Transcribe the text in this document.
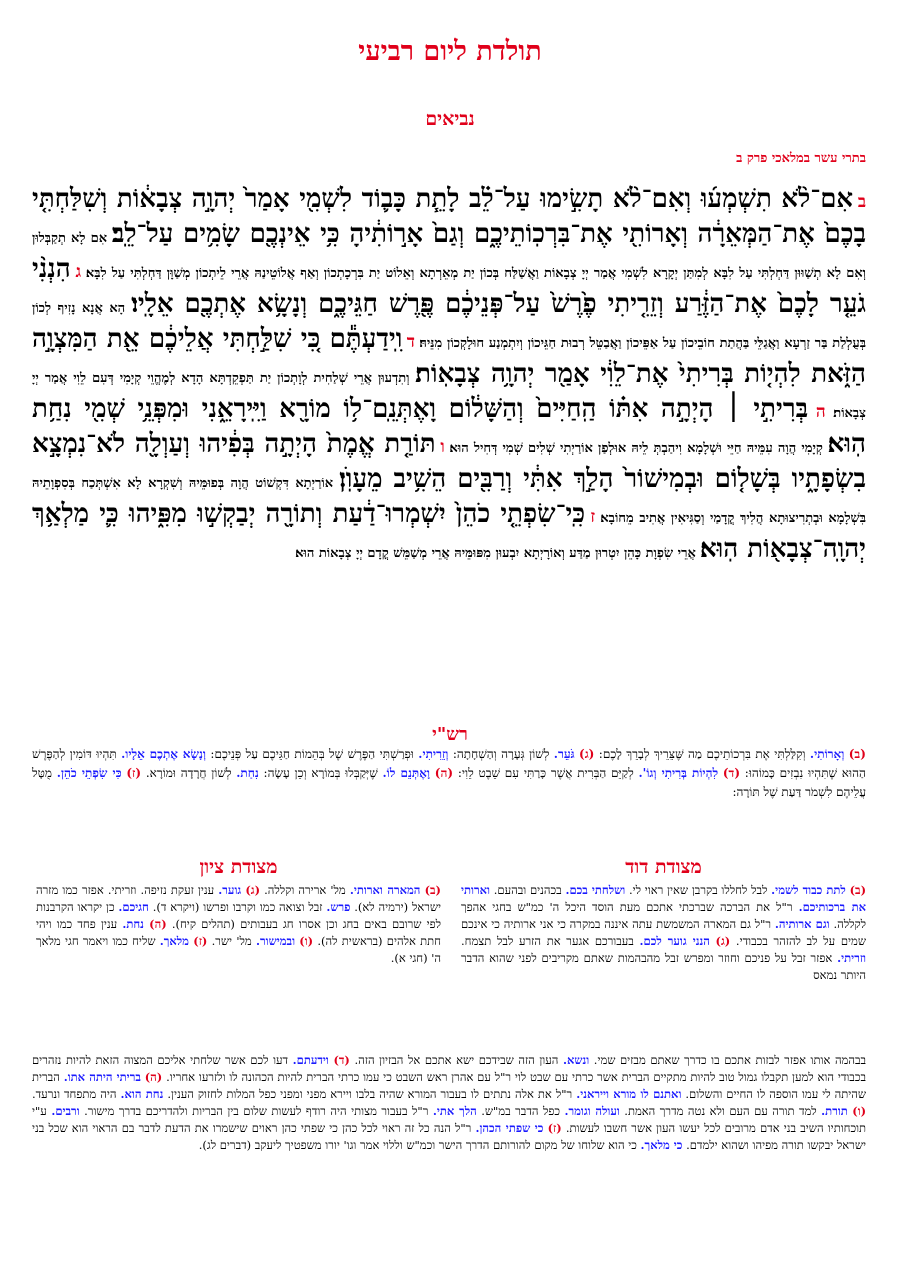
תולדת ליום רביעי
נביאים
בתרי עשר במלאכי פרק ב
ב אִם־לֹ֨א תִשְׁמְע֜וּ וְאִם־לֹ֨א תָשִׂ֣ימוּ עַל־לֵ֗ב לָתֵ֧ת כָּב֛וֹד לִשְׁמִ֖י אָמַר֙ יְהוָ֣ה צְבָא֔וֹת וְשִׁלַּחְתִּ֤י בָכֶם֙ אֶת־הַמְּאֵרָ֔ה וְאָרוֹתִ֖י אֶת־בִּרְכֽוֹתֵיכֶ֑ם וְגַם֙ אָר֣וֹתִ֔יהָ כִּ֥י אֵינְכֶ֖ם שָׂמִ֥ים עַל־לֵֽב׃ אִם לָא תְקַבְּלוּן וְאִם לָא תְשַׁוּוּן דַּחְלְתִּי עַל לִבָּא לְמִתַּן יְקָרָא לִשְׁמִי אֲמַר יְיָ צְבָאוֹת וַאֲשַׁלַּח בְּכוֹן יַת מְאֵרְתָא וְאֵלוֹט יַת בִּרְכָתְכוֹן וְאַף אֲלוֹטֵינַהּ אֲרֵי לֵיתְכוֹן מְשַׁוָּן דַּחְלְתִּי עַל לִבָּא׃ ג הִנְנִ֨י גֹעֵ֤ר לָכֶם֙ אֶת־הַזֶּ֔רַע וְזֵרִ֤יתִי פֶ֙רֶשׁ֙ עַל־פְּנֵיכֶ֔ם פֶּ֖רֶשׁ חַגֵּיכֶ֑ם וְנָשָׂ֥א אֶתְכֶ֖ם אֵלָֽיו׃ הָא אֲנָא נָזִיף לְכוֹן בְּעֻלְלַת בַּר זַרְעָא וַאֲגַלֵּי בַּהֲתַת חוֹבֵיכוֹן עַל אַפֵּיכוֹן וַאֲבַטֵּל רְבוּת חַגֵּיכוֹן וְיִתְמְנַע חוּלָקְכוֹן מִנֵּיהּ׃ ד וִֽידַעְתֶּ֕ם כִּ֚י שִׁלַּ֣חְתִּי אֲלֵיכֶ֔ם אֵ֖ת הַמִּצְוָ֣ה הַזֹּ֑את לִהְי֤וֹת בְּרִיתִי֙ אֶת־לֵוִ֔י אָמַ֖ר יְהוָ֥ה צְבָאֽוֹת׃ וְתִדְעוּן אֲרֵי שְׁלַחִית לְוָתְכוֹן יַת תַּפְקֵדְתָּא הָדָא לְמֶהֱוֵי קְיָמִי דְּעִם לֵוִי אֲמַר יְיָ צְבָאוֹת׃ ה בְּרִיתִ֣י ׀ הָיְתָ֣ה אִתּ֗וֹ הַֽחַיִּים֙ וְהַשָּׁל֔וֹם וָאֶתְּנֵֽם־ל֥וֹ מוֹרָ֖א וַיִּֽירָאֵ֑נִי וּמִפְּנֵ֥י שְׁמִ֖י נִחַ֥ת הֽוּא׃ קְיָמִי הֲוָה עִמֵּיהּ חַיֵּי וּשְׁלָמָא וִיהַבְתְּ לֵיהּ אוּלְפַן אוֹרַיְתִי שְׁלִים שְׁמִי דְּחִיל הוּא׃ ו תּוֹרַ֤ת אֱמֶת֙ הָיְתָ֣ה בְּפִ֔יהוּ וְעַוְלָ֖ה לֹא־נִמְצָ֣א בִשְׂפָתָ֑יו בְּשָׁל֤וֹם וּבְמִישׁוֹר֙ הָלַ֣ךְ אִתִּ֔י וְרַבִּ֖ים הֵשִׁ֥יב מֵעָוֺֽן׃ אוֹרַיְתָא דִּקְשׁוֹט הֲוָה בְּפוּמֵּיהּ וְשִׁקְרָא לָא אִשְׁתְּכַח בְּסִפְוָתֵיהּ בִּשְׁלָמָא וּבְתְרִיצוּתָא הֲלִיךְ קֳדָמַי וְסַגִּיאִין אֲתִיב מֵחוֹבָא׃ ז כִּֽי־שִׂפְתֵ֤י כֹהֵן֙ יִשְׁמְרוּ־דַ֔עַת וְתוֹרָ֖ה יְבַקְשׁ֣וּ מִפִּ֑יהוּ כִּ֛י מַלְאַ֥ךְ יְהוָֽה־צְבָא֖וֹת הֽוּא׃ אֲרֵי שִׂפְוָת כָּהֵן יִטְרוּן מַדַּע וְאוֹרָיְתָא יִבְעוּן מִפּוּמֵּיהּ אֲרֵי מְשַׁמֵּשׁ קֳדָם יְיָ צְבָאוֹת הוּא׃
רש"י
(ב) וְאָרוֹתִי. וְקִלַּלְתִּי אֶת בִּרְכוֹתֵיכֶם מַה שֶּׁצֵּרֵיךְ לְבָרֵךְ לָכֶם: (ג) גֹּעֵר. לְשׁוֹן גְּעָרָה וְהַשְׁחָתָה: וְזֵרִיתִי. וּפְרַשְׁתִּי הַפֶּרֶשׁ שֶׁל בְּהֵמוֹת חַגֵּיכֶם עַל פְּנֵיכֶם: וְנָשָׂא אֶתְכֶם אֵלָיו. תִּהְיוּ דּוֹמִין לְהַפֶּרֶשׁ הַהוּא שֶׁתִּהְיוּ נִבְזִים כָּמוֹהוּ: (ד) לִהְיוֹת בְּרִיתִי וְגוֹ'. לְקַיֵּם הַבְּרִית אֲשֶׁר כָּרַתִּי עִם שֵׁבֶט לֵוִי: (ה) וָאֶתְּנֵם לוֹ. שֶׁיְּקַבְּלוּ בְּמוֹרָא וְכֵן עָשָׂה: נִחַת. לְשׁוֹן חֲרָדָה וּמוֹרָא. (ז) כִּי שִׂפְתֵי כֹהֵן. מֻטָּל עֲלֵיהֶם לִשְׁמֹר דַּעַת שֶׁל תּוֹרָה:
מצודת דוד
מצודת ציון
(ב) לתת כבוד לשמי. לבל לחללו בקרבן שאין ראוי לי. ושלחתי בכם. בכהנים ובהעם. וארותי את ברכותיכם. ר"ל את הברכה שברכתי אתכם מעת הוסד היכל ה' כמ"ש בחגי אהפך לקללה. וגם ארותיה. ר"ל גם המארה המשמשת עתה איננה במקרה כי אני ארותיה כי אינכם שמים על לב להזהר בכבודי. (ג) הנני גוער לכם. בעבורכם אגער את הזרע לבל תצמח. וזריתי. אפזר זבל על פניכם וחוזר ומפרש זבל מהבהמות שאתם מקריבים לפני שהוא הדבר היותר נמאס
(ב) המארה וארותי. מל' ארירה וקללה. (ג) גוער. ענין זעקת נזיפה. וזריתי. אפזר כמו מזרה ישראל (ירמיה לא). פרש. זבל וצואה כמו וקרבו ופרשו (ויקרא ד). חגיכם. כן יקראו הקרבנות לפי שרובם באים בחג וכן אסרו חג בעבותים (תהלים קיח). (ה) נחת. ענין פחד כמו ויהי חתת אלהים (בראשית לה). (ו) ובמישור. מל' ישר. (ז) מלאך. שליח כמו ויאמר חגי מלאך ה' (חגי א).
בבהמה אותו אפזר לבזות אתכם בו כדרך שאתם מבזים שמי. ונשא. העון הזה שבידכם ישא אתכם אל הבזיון הזה. (ד) וידעתם. דעו לכם אשר שלחתי אליכם המצוה הזאת להיות נזהרים בכבודי הוא למען תקבלו גמול טוב להיות מתקיים הברית אשר כרתי עם שבט לוי ר"ל עם אהרן ראש השבט כי עמו כרתי הברית להיות הכהונה לו ולזרעו אחריו. (ה) בריתי היתה אתו. הברית שהיתה לי עמו הוספה לו החיים והשלום. ואתנם לו מורא וייראני. ר"ל את אלה נתתים לו בעבור המורא שהיה בלבו ויירא מפני ומפני כפל המלות לחזוק הענין. נחת הוא. היה מתפחד ונרעד. (ו) תורת. למד תורה עם העם ולא נטה מדרך האמת. ועולה וגומר. כפל הדבר במ"ש. הלך אתי. ר"ל בעבור מצותי היה רודף לעשות שלום בין הבריות ולהדריכם בדרך מישור. ורבים. ע"י תוכחותיו השיב בני אדם מרובים לכל יעשו העון אשר חשבו לעשות. (ז) כי שפתי הכהן. ר"ל הנה כל זה ראוי לכל כהן כי שפתי כהן ראוים שישמרו את הדעת לדבר בם הראוי הוא שכל בני ישראל יבקשו תורה מפיהו ושהוא ילמדם. כי מלאך. כי הוא שלוחו של מקום להורותם הדרך הישר וכמ"ש וללוי אמר וגו' יורו משפטיך ליעקב (דברים לג).
